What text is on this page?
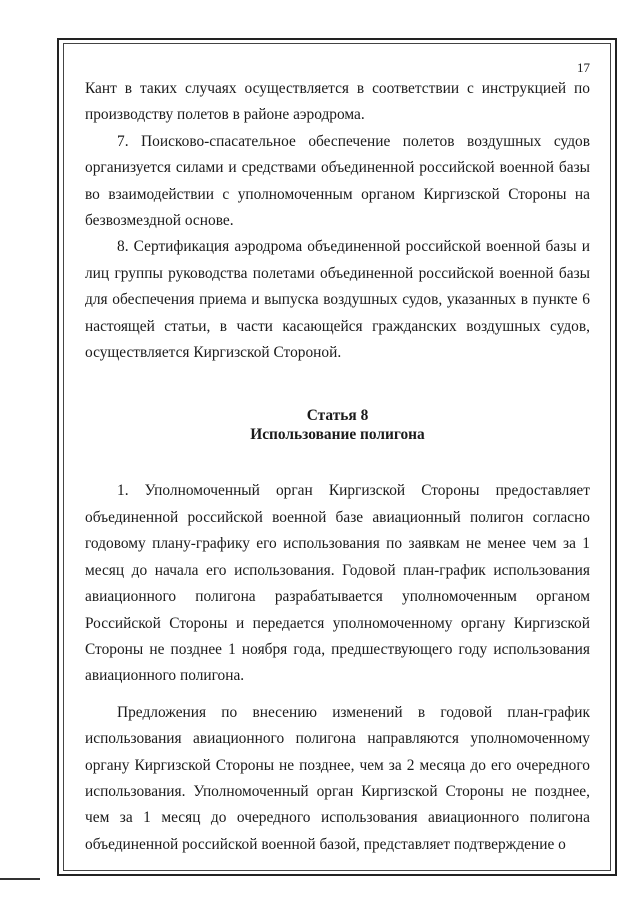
17

Кант в таких случаях осуществляется в соответствии с инструкцией по производству полетов в районе аэродрома.

7. Поисково-спасательное обеспечение полетов воздушных судов организуется силами и средствами объединенной российской военной базы во взаимодействии с уполномоченным органом Киргизской Стороны на безвозмездной основе.

8. Сертификация аэродрома объединенной российской военной базы и лиц группы руководства полетами объединенной российской военной базы для обеспечения приема и выпуска воздушных судов, указанных в пункте 6 настоящей статьи, в части касающейся гражданских воздушных судов, осуществляется Киргизской Стороной.

Статья 8

Использование полигона

1. Уполномоченный орган Киргизской Стороны предоставляет объединенной российской военной базе авиационный полигон согласно годовому плану-графику его использования по заявкам не менее чем за 1 месяц до начала его использования. Годовой план-график использования авиационного полигона разрабатывается уполномоченным органом Российской Стороны и передается уполномоченному органу Киргизской Стороны не позднее 1 ноября года, предшествующего году использования авиационного полигона.

Предложения по внесению изменений в годовой план-график использования авиационного полигона направляются уполномоченному органу Киргизской Стороны не позднее, чем за 2 месяца до его очередного использования. Уполномоченный орган Киргизской Стороны не позднее, чем за 1 месяц до очередного использования авиационного полигона объединенной российской военной базой, представляет подтверждение о
